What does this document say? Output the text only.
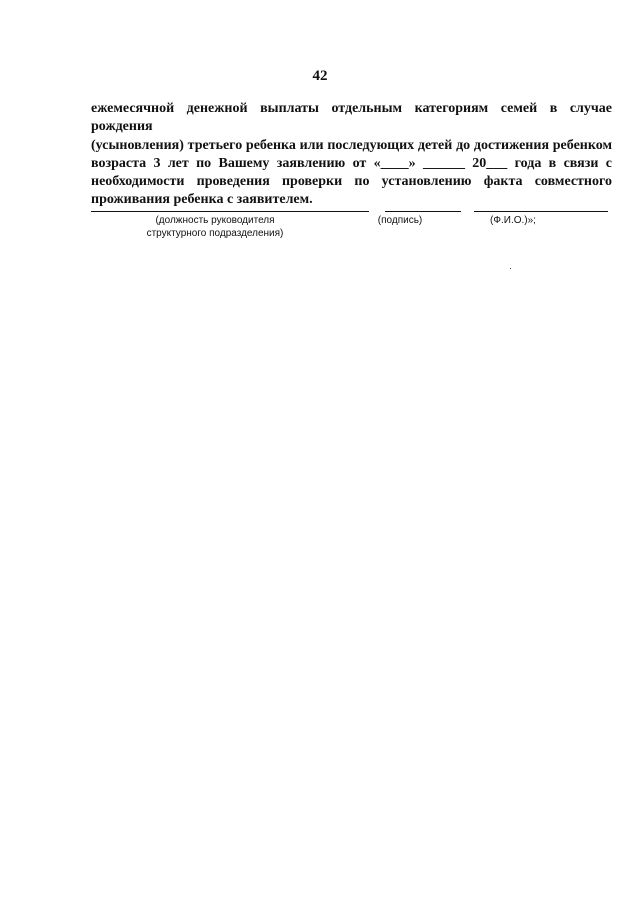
42
ежемесячной денежной выплаты отдельным категориям семей в случае рождения
(усыновления) третьего ребенка или последующих детей до достижения ребенком
возраста 3 лет по Вашему заявлению от «____» ______ 20___ года в связи с
необходимости проведения проверки по установлению факта совместного
проживания ребенка с заявителем.
(должность руководителя
структурного подразделения)
(подпись)	(Ф.И.О.)»;
